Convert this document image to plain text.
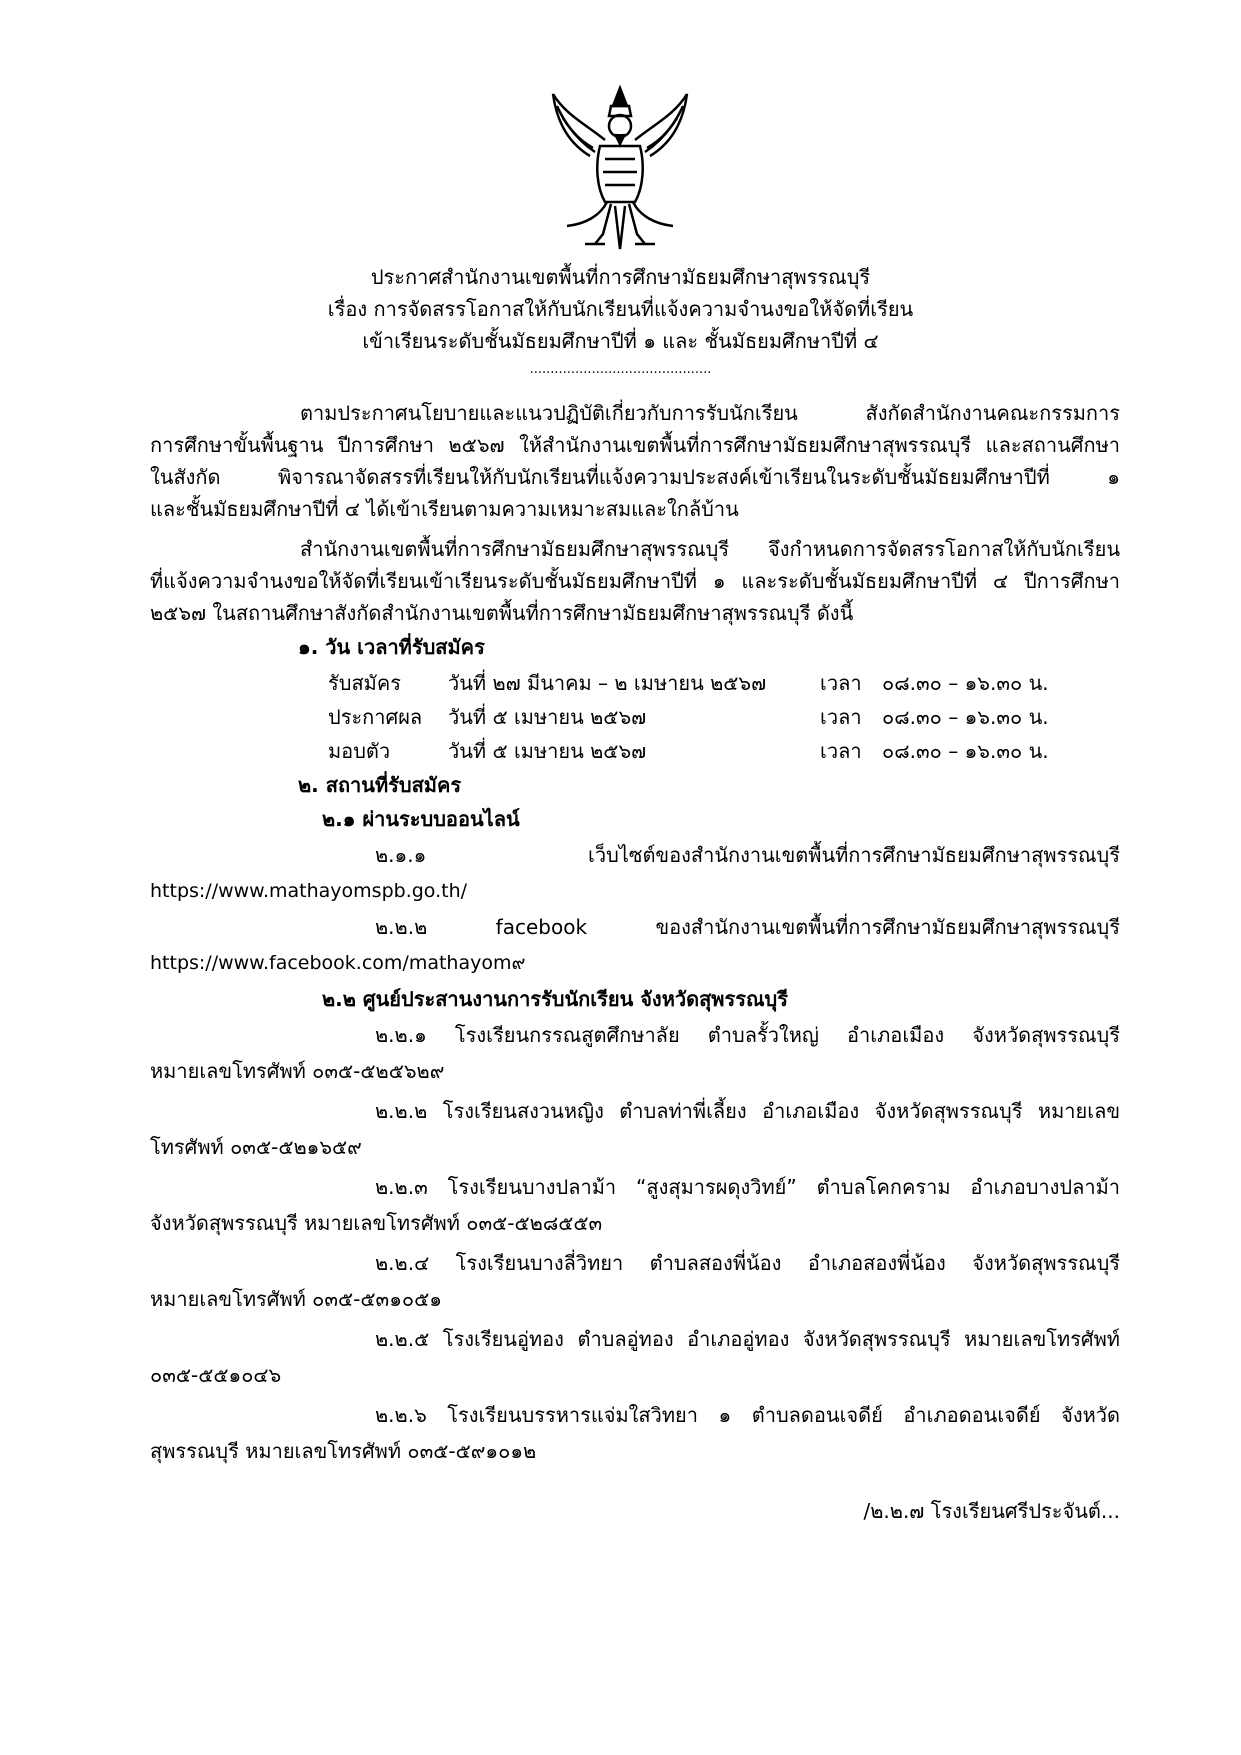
ประกาศสำนักงานเขตพื้นที่การศึกษามัธยมศึกษาสุพรรณบุรี
เรื่อง การจัดสรรโอกาสให้กับนักเรียนที่แจ้งความจำนงขอให้จัดที่เรียน
เข้าเรียนระดับชั้นมัธยมศึกษาปีที่ ๑ และ ชั้นมัธยมศึกษาปีที่ ๔
............................................
ตามประกาศนโยบายและแนวปฏิบัติเกี่ยวกับการรับนักเรียน สังกัดสำนักงานคณะกรรมการ
การศึกษาขั้นพื้นฐาน ปีการศึกษา ๒๕๖๗ ให้สำนักงานเขตพื้นที่การศึกษามัธยมศึกษาสุพรรณบุรี และสถานศึกษา
ในสังกัด พิจารณาจัดสรรที่เรียนให้กับนักเรียนที่แจ้งความประสงค์เข้าเรียนในระดับชั้นมัธยมศึกษาปีที่ ๑
และชั้นมัธยมศึกษาปีที่ ๔ ได้เข้าเรียนตามความเหมาะสมและใกล้บ้าน
สำนักงานเขตพื้นที่การศึกษามัธยมศึกษาสุพรรณบุรี จึงกำหนดการจัดสรรโอกาสให้กับนักเรียน
ที่แจ้งความจำนงขอให้จัดที่เรียนเข้าเรียนระดับชั้นมัธยมศึกษาปีที่ ๑ และระดับชั้นมัธยมศึกษาปีที่ ๔ ปีการศึกษา
๒๕๖๗ ในสถานศึกษาสังกัดสำนักงานเขตพื้นที่การศึกษามัธยมศึกษาสุพรรณบุรี ดังนี้
๑. วัน เวลาที่รับสมัคร
รับสมัคร วันที่ ๒๗ มีนาคม – ๒ เมษายน ๒๕๖๗	เวลา ๐๘.๓๐ – ๑๖.๓๐ น.
ประกาศผล วันที่ ๕ เมษายน ๒๕๖๗	เวลา ๐๘.๓๐ – ๑๖.๓๐ น.
มอบตัว	วันที่ ๕ เมษายน ๒๕๖๗	เวลา ๐๘.๓๐ – ๑๖.๓๐ น.
๒. สถานที่รับสมัคร
๒.๑ ผ่านระบบออนไลน์
๒.๑.๑ เว็บไซต์ของสำนักงานเขตพื้นที่การศึกษามัธยมศึกษาสุพรรณบุรี
https://www.mathayomspb.go.th/
๒.๒.๒ facebook ของสำนักงานเขตพื้นที่การศึกษามัธยมศึกษาสุพรรณบุรี
https://www.facebook.com/mathayom๙
๒.๒ ศูนย์ประสานงานการรับนักเรียน จังหวัดสุพรรณบุรี
๒.๒.๑ โรงเรียนกรรณสูตศึกษาลัย ตำบลรั้วใหญ่ อำเภอเมือง จังหวัดสุพรรณบุรี
หมายเลขโทรศัพท์ ๐๓๕-๕๒๕๖๒๙
๒.๒.๒ โรงเรียนสงวนหญิง ตำบลท่าพี่เลี้ยง อำเภอเมือง จังหวัดสุพรรณบุรี หมายเลข
โทรศัพท์ ๐๓๕-๕๒๑๖๕๙
๒.๒.๓ โรงเรียนบางปลาม้า “สูงสุมารผดุงวิทย์” ตำบลโคกคราม อำเภอบางปลาม้า
จังหวัดสุพรรณบุรี หมายเลขโทรศัพท์ ๐๓๕-๕๒๘๕๕๓
๒.๒.๔ โรงเรียนบางลี่วิทยา ตำบลสองพี่น้อง อำเภอสองพี่น้อง จังหวัดสุพรรณบุรี
หมายเลขโทรศัพท์ ๐๓๕-๕๓๑๐๕๑
๒.๒.๕ โรงเรียนอู่ทอง ตำบลอู่ทอง อำเภออู่ทอง จังหวัดสุพรรณบุรี หมายเลขโทรศัพท์
๐๓๕-๕๕๑๐๔๖
๒.๒.๖ โรงเรียนบรรหารแจ่มใสวิทยา ๑ ตำบลดอนเจดีย์ อำเภอดอนเจดีย์ จังหวัด
สุพรรณบุรี หมายเลขโทรศัพท์ ๐๓๕-๕๙๑๐๑๒
/๒.๒.๗ โรงเรียนศรีประจันต์...
